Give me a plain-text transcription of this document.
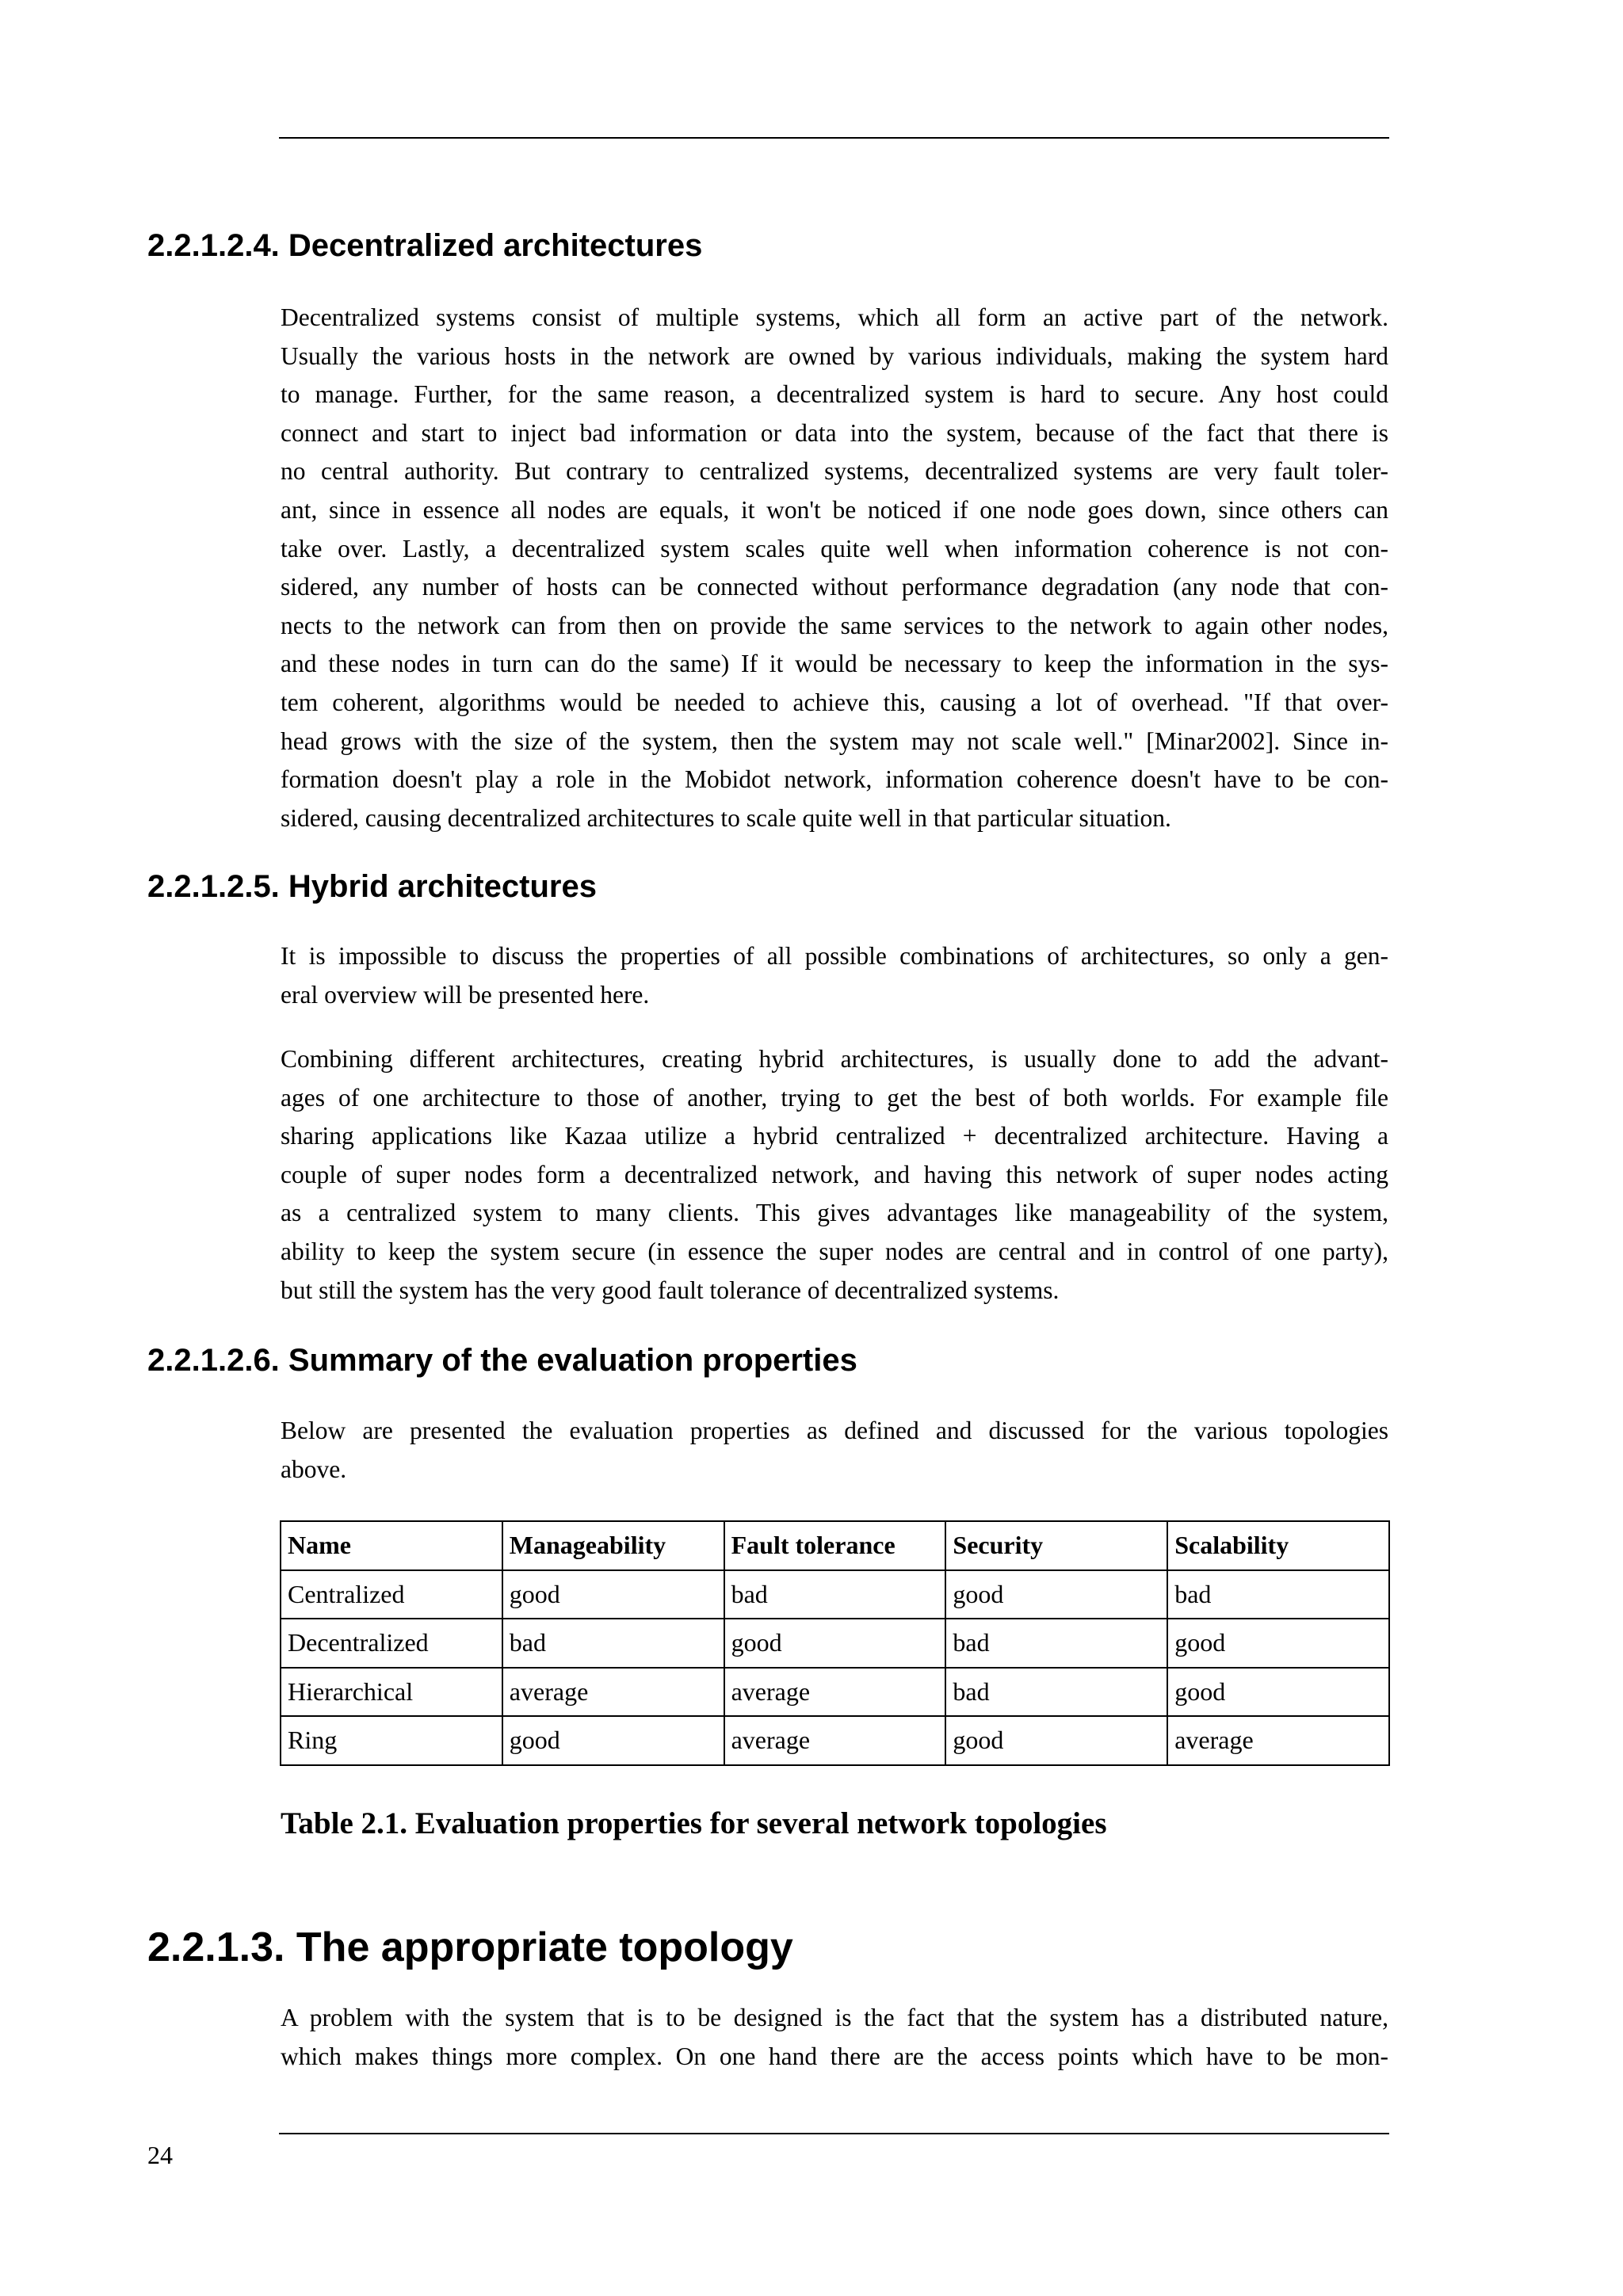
2.2.1.2.4. Decentralized architectures
Decentralized systems consist of multiple systems, which all form an active part of the network.
Usually the various hosts in the network are owned by various individuals, making the system hard
to manage. Further, for the same reason, a decentralized system is hard to secure. Any host could
connect and start to inject bad information or data into the system, because of the fact that there is
no central authority. But contrary to centralized systems, decentralized systems are very fault toler-
ant, since in essence all nodes are equals, it won't be noticed if one node goes down, since others can
take over. Lastly, a decentralized system scales quite well when information coherence is not con-
sidered, any number of hosts can be connected without performance degradation (any node that con-
nects to the network can from then on provide the same services to the network to again other nodes,
and these nodes in turn can do the same) If it would be necessary to keep the information in the sys-
tem coherent, algorithms would be needed to achieve this, causing a lot of overhead. "If that over-
head grows with the size of the system, then the system may not scale well." [Minar2002]. Since in-
formation doesn't play a role in the Mobidot network, information coherence doesn't have to be con-
sidered, causing decentralized architectures to scale quite well in that particular situation.
2.2.1.2.5. Hybrid architectures
It is impossible to discuss the properties of all possible combinations of architectures, so only a gen-
eral overview will be presented here.
Combining different architectures, creating hybrid architectures, is usually done to add the advant-
ages of one architecture to those of another, trying to get the best of both worlds. For example file
sharing applications like Kazaa utilize a hybrid centralized + decentralized architecture. Having a
couple of super nodes form a decentralized network, and having this network of super nodes acting
as a centralized system to many clients. This gives advantages like manageability of the system,
ability to keep the system secure (in essence the super nodes are central and in control of one party),
but still the system has the very good fault tolerance of decentralized systems.
2.2.1.2.6. Summary of the evaluation properties
Below are presented the evaluation properties as defined and discussed for the various topologies
above.
Name	Manageability	Fault tolerance	Security	Scalability
Centralized	good	bad	good	bad
Decentralized	bad	good	bad	good
Hierarchical	average	average	bad	good
Ring	good	average	good	average

Table 2.1. Evaluation properties for several network topologies

2.2.1.3. The appropriate topology
A problem with the system that is to be designed is the fact that the system has a distributed nature,
which makes things more complex. On one hand there are the access points which have to be mon-
24
